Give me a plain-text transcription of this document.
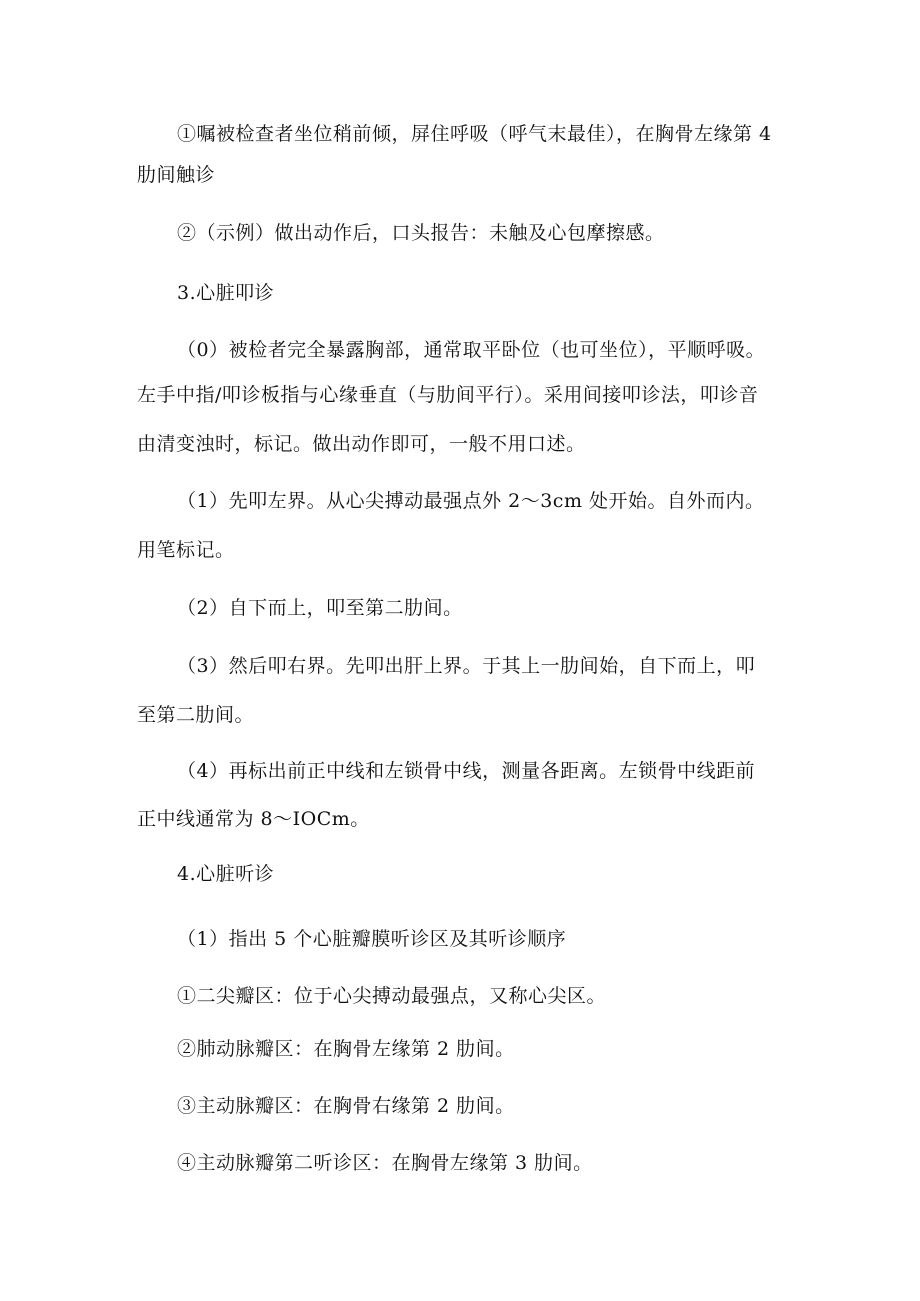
①嘱被检查者坐位稍前倾，屏住呼吸（呼气末最佳），在胸骨左缘第 4
肋间触诊
②（示例）做出动作后，口头报告：未触及心包摩擦感。
3.心脏叩诊
（0）被检者完全暴露胸部，通常取平卧位（也可坐位），平顺呼吸。
左手中指/叩诊板指与心缘垂直（与肋间平行）。采用间接叩诊法，叩诊音
由清变浊时，标记。做出动作即可，一般不用口述。
（1）先叩左界。从心尖搏动最强点外 2～3cm 处开始。自外而内。
用笔标记。
（2）自下而上，叩至第二肋间。
（3）然后叩右界。先叩出肝上界。于其上一肋间始，自下而上，叩
至第二肋间。
（4）再标出前正中线和左锁骨中线，测量各距离。左锁骨中线距前
正中线通常为 8～IOCm。
4.心脏听诊
（1）指出 5 个心脏瓣膜听诊区及其听诊顺序
①二尖瓣区：位于心尖搏动最强点，又称心尖区。
②肺动脉瓣区：在胸骨左缘第 2 肋间。
③主动脉瓣区：在胸骨右缘第 2 肋间。
④主动脉瓣第二听诊区：在胸骨左缘第 3 肋间。
